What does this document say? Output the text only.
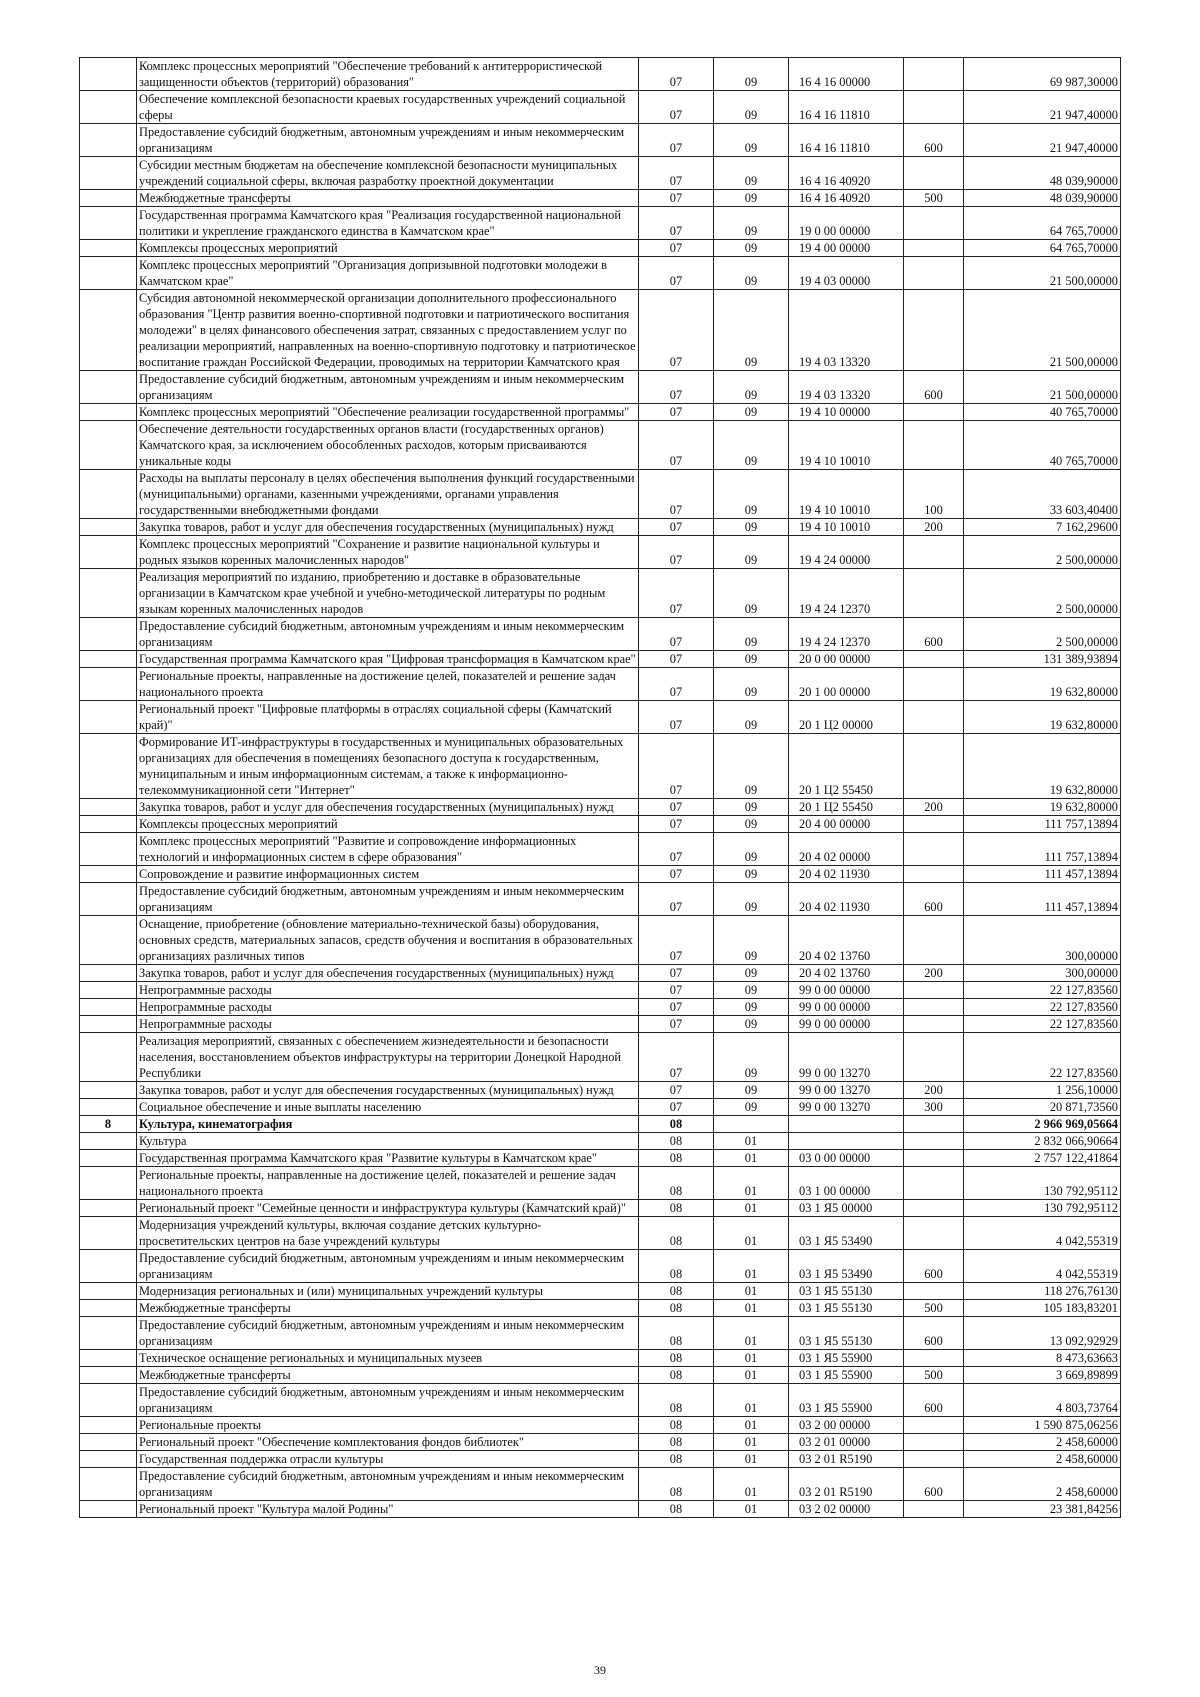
	Комплекс процессных мероприятий "Обеспечение требований к антитеррористической защищенности объектов (территорий) образования"	07	09	16 4 16 00000		69 987,30000
	Обеспечение комплексной безопасности краевых государственных учреждений социальной сферы	07	09	16 4 16 11810		21 947,40000
	Предоставление субсидий бюджетным, автономным учреждениям и иным некоммерческим организациям	07	09	16 4 16 11810	600	21 947,40000
	Субсидии местным бюджетам на обеспечение комплексной безопасности муниципальных учреждений социальной сферы, включая разработку проектной документации	07	09	16 4 16 40920		48 039,90000
	Межбюджетные трансферты	07	09	16 4 16 40920	500	48 039,90000
	Государственная программа Камчатского края "Реализация государственной национальной политики и укрепление гражданского единства в Камчатском крае"	07	09	19 0 00 00000		64 765,70000
	Комплексы процессных мероприятий	07	09	19 4 00 00000		64 765,70000
	Комплекс процессных мероприятий "Организация допризывной подготовки молодежи в Камчатском крае"	07	09	19 4 03 00000		21 500,00000
	Субсидия автономной некоммерческой организации дополнительного профессионального образования "Центр развития военно-спортивной подготовки и патриотического воспитания молодежи" в целях финансового обеспечения затрат, связанных с предоставлением услуг по реализации мероприятий, направленных на военно-спортивную подготовку и патриотическое воспитание граждан Российской Федерации, проводимых на территории Камчатского края	07	09	19 4 03 13320		21 500,00000
	Предоставление субсидий бюджетным, автономным учреждениям и иным некоммерческим организациям	07	09	19 4 03 13320	600	21 500,00000
	Комплекс процессных мероприятий "Обеспечение реализации государственной программы"	07	09	19 4 10 00000		40 765,70000
	Обеспечение деятельности государственных органов власти (государственных органов) Камчатского края, за исключением обособленных расходов, которым присваиваются уникальные коды	07	09	19 4 10 10010		40 765,70000
	Расходы на выплаты персоналу в целях обеспечения выполнения функций государственными (муниципальными) органами, казенными учреждениями, органами управления государственными внебюджетными фондами	07	09	19 4 10 10010	100	33 603,40400
	Закупка товаров, работ и услуг для обеспечения государственных (муниципальных) нужд	07	09	19 4 10 10010	200	7 162,29600
	Комплекс процессных мероприятий "Сохранение и развитие национальной культуры и родных языков коренных малочисленных народов"	07	09	19 4 24 00000		2 500,00000
	Реализация мероприятий по изданию, приобретению и доставке в образовательные организации в Камчатском крае учебной и учебно-методической литературы по родным языкам коренных малочисленных народов	07	09	19 4 24 12370		2 500,00000
	Предоставление субсидий бюджетным, автономным учреждениям и иным некоммерческим организациям	07	09	19 4 24 12370	600	2 500,00000
	Государственная программа Камчатского края "Цифровая трансформация в Камчатском крае"	07	09	20 0 00 00000		131 389,93894
	Региональные проекты, направленные на достижение целей, показателей и решение задач национального проекта	07	09	20 1 00 00000		19 632,80000
	Региональный проект "Цифровые платформы в отраслях социальной сферы (Камчатский край)"	07	09	20 1 Ц2 00000		19 632,80000
	Формирование ИТ-инфраструктуры в государственных и муниципальных образовательных организациях для обеспечения в помещениях безопасного доступа к государственным, муниципальным и иным информационным системам, а также к информационно-телекоммуникационной сети "Интернет"	07	09	20 1 Ц2 55450		19 632,80000
	Закупка товаров, работ и услуг для обеспечения государственных (муниципальных) нужд	07	09	20 1 Ц2 55450	200	19 632,80000
	Комплексы процессных мероприятий	07	09	20 4 00 00000		111 757,13894
	Комплекс процессных мероприятий "Развитие и сопровождение информационных технологий и информационных систем в сфере образования"	07	09	20 4 02 00000		111 757,13894
	Сопровождение и развитие информационных систем	07	09	20 4 02 11930		111 457,13894
	Предоставление субсидий бюджетным, автономным учреждениям и иным некоммерческим организациям	07	09	20 4 02 11930	600	111 457,13894
	Оснащение, приобретение (обновление материально-технической базы) оборудования, основных средств, материальных запасов, средств обучения и воспитания в образовательных организациях различных типов	07	09	20 4 02 13760		300,00000
	Закупка товаров, работ и услуг для обеспечения государственных (муниципальных) нужд	07	09	20 4 02 13760	200	300,00000
	Непрограммные расходы	07	09	99 0 00 00000		22 127,83560
	Непрограммные расходы	07	09	99 0 00 00000		22 127,83560
	Непрограммные расходы	07	09	99 0 00 00000		22 127,83560
	Реализация мероприятий, связанных с обеспечением жизнедеятельности и безопасности населения, восстановлением объектов инфраструктуры на территории Донецкой Народной Республики	07	09	99 0 00 13270		22 127,83560
	Закупка товаров, работ и услуг для обеспечения государственных (муниципальных) нужд	07	09	99 0 00 13270	200	1 256,10000
	Социальное обеспечение и иные выплаты населению	07	09	99 0 00 13270	300	20 871,73560
8	Культура, кинематография	08				2 966 969,05664
	Культура	08	01			2 832 066,90664
	Государственная программа Камчатского края "Развитие культуры в Камчатском крае"	08	01	03 0 00 00000		2 757 122,41864
	Региональные проекты, направленные на достижение целей, показателей и решение задач национального проекта	08	01	03 1 00 00000		130 792,95112
	Региональный проект "Семейные ценности и инфраструктура культуры (Камчатский край)"	08	01	03 1 Я5 00000		130 792,95112
	Модернизация учреждений культуры, включая создание детских культурно-просветительских центров на базе учреждений культуры	08	01	03 1 Я5 53490		4 042,55319
	Предоставление субсидий бюджетным, автономным учреждениям и иным некоммерческим организациям	08	01	03 1 Я5 53490	600	4 042,55319
	Модернизация региональных и (или) муниципальных учреждений культуры	08	01	03 1 Я5 55130		118 276,76130
	Межбюджетные трансферты	08	01	03 1 Я5 55130	500	105 183,83201
	Предоставление субсидий бюджетным, автономным учреждениям и иным некоммерческим организациям	08	01	03 1 Я5 55130	600	13 092,92929
	Техническое оснащение региональных и муниципальных музеев	08	01	03 1 Я5 55900		8 473,63663
	Межбюджетные трансферты	08	01	03 1 Я5 55900	500	3 669,89899
	Предоставление субсидий бюджетным, автономным учреждениям и иным некоммерческим организациям	08	01	03 1 Я5 55900	600	4 803,73764
	Региональные проекты	08	01	03 2 00 00000		1 590 875,06256
	Региональный проект "Обеспечение комплектования фондов библиотек"	08	01	03 2 01 00000		2 458,60000
	Государственная поддержка отрасли культуры	08	01	03 2 01 R5190		2 458,60000
	Предоставление субсидий бюджетным, автономным учреждениям и иным некоммерческим организациям	08	01	03 2 01 R5190	600	2 458,60000
	Региональный проект "Культура малой Родины"	08	01	03 2 02 00000		23 381,84256
39
